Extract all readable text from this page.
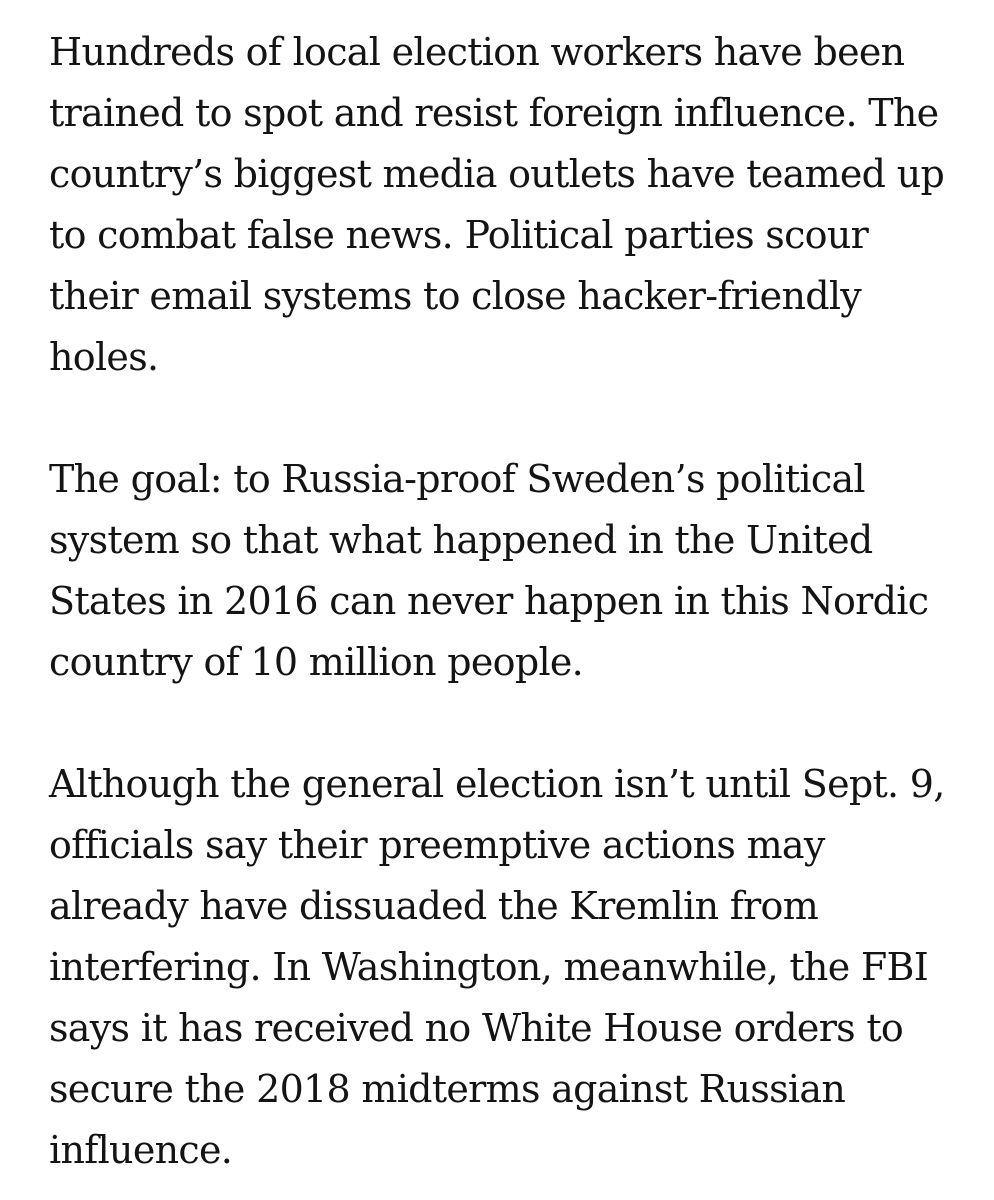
Hundreds of local election workers have been
trained to spot and resist foreign influence. The
country’s biggest media outlets have teamed up
to combat false news. Political parties scour
their email systems to close hacker-friendly
holes.

The goal: to Russia-proof Sweden’s political
system so that what happened in the United
States in 2016 can never happen in this Nordic
country of 10 million people.

Although the general election isn’t until Sept. 9,
officials say their preemptive actions may
already have dissuaded the Kremlin from
interfering. In Washington, meanwhile, the FBI
says it has received no White House orders to
secure the 2018 midterms against Russian
influence.
